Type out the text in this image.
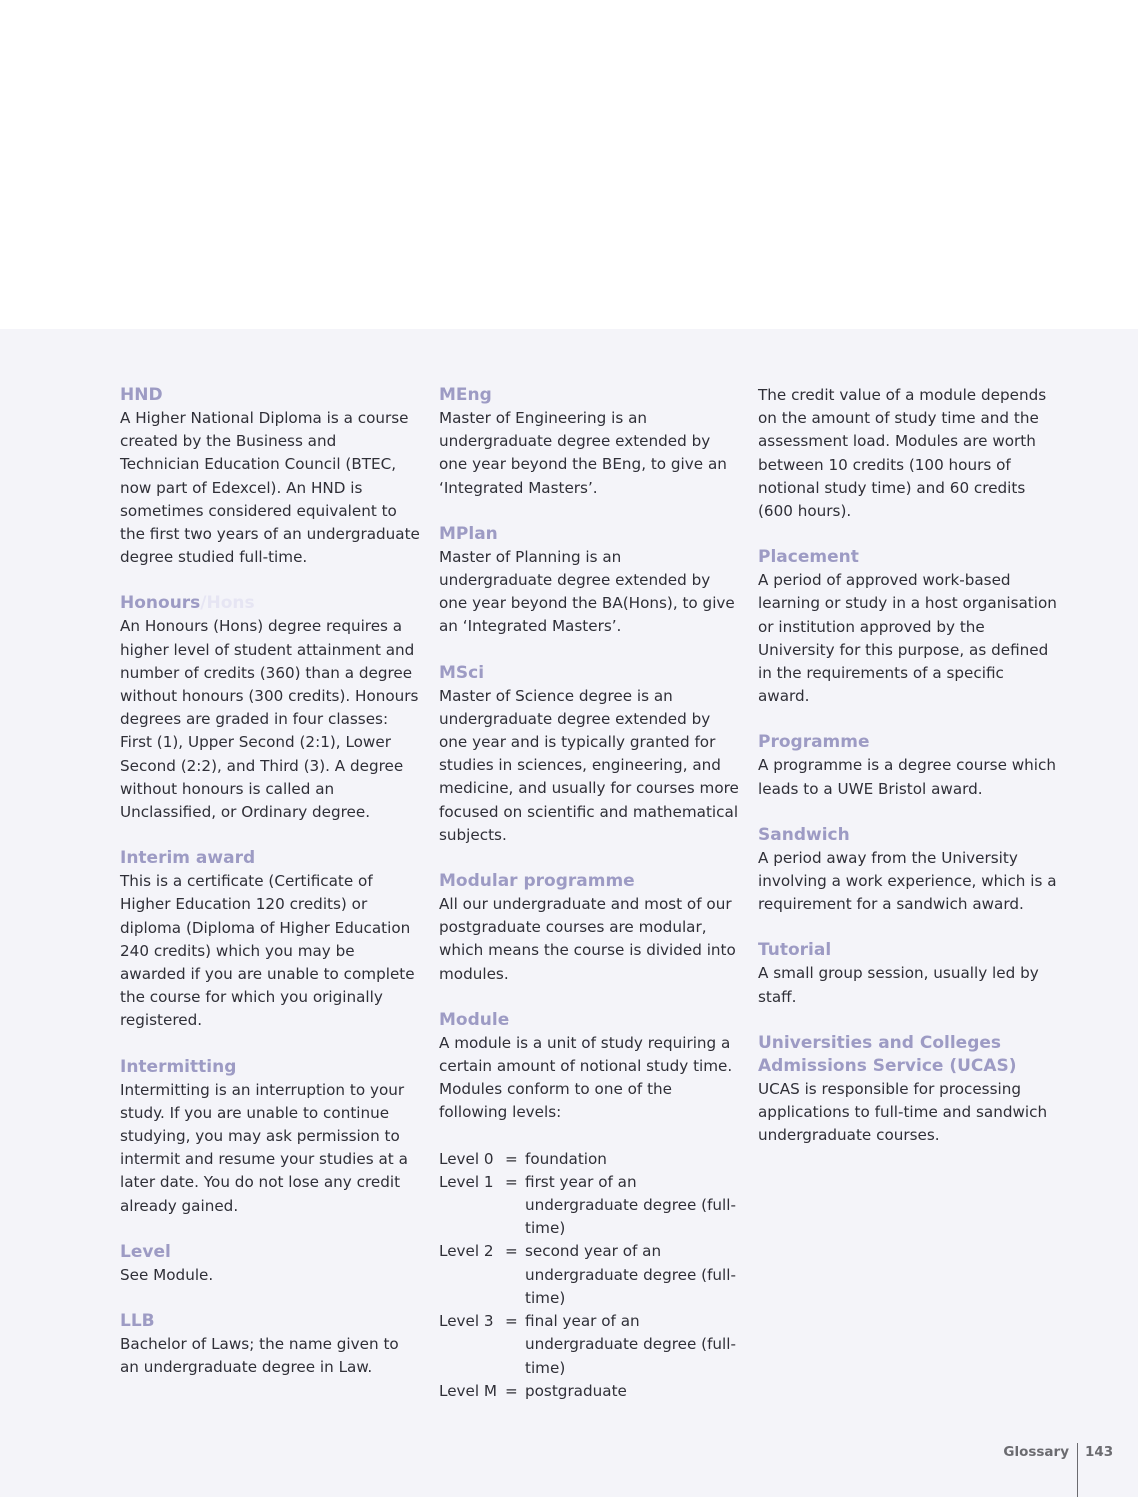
HND
A Higher National Diploma is a course created by the Business and Technician Education Council (BTEC, now part of Edexcel). An HND is sometimes considered equivalent to the first two years of an undergraduate degree studied full-time.
Honours/Hons
An Honours (Hons) degree requires a higher level of student attainment and number of credits (360) than a degree without honours (300 credits). Honours degrees are graded in four classes: First (1), Upper Second (2:1), Lower Second (2:2), and Third (3). A degree without honours is called an Unclassified, or Ordinary degree.
Interim award
This is a certificate (Certificate of Higher Education 120 credits) or diploma (Diploma of Higher Education 240 credits) which you may be awarded if you are unable to complete the course for which you originally registered.
Intermitting
Intermitting is an interruption to your study. If you are unable to continue studying, you may ask permission to intermit and resume your studies at a later date. You do not lose any credit already gained.
Level
See Module.
LLB
Bachelor of Laws; the name given to an undergraduate degree in Law.
MEng
Master of Engineering is an undergraduate degree extended by one year beyond the BEng, to give an ‘Integrated Masters’.
MPlan
Master of Planning is an undergraduate degree extended by one year beyond the BA(Hons), to give an ‘Integrated Masters’.
MSci
Master of Science degree is an undergraduate degree extended by one year and is typically granted for studies in sciences, engineering, and medicine, and usually for courses more focused on scientific and mathematical subjects.
Modular programme
All our undergraduate and most of our postgraduate courses are modular, which means the course is divided into modules.
Module
A module is a unit of study requiring a certain amount of notional study time. Modules conform to one of the following levels:
Level 0 = foundation
Level 1 = first year of an undergraduate degree (full-time)
Level 2 = second year of an undergraduate degree (full-time)
Level 3 = final year of an undergraduate degree (full-time)
Level M = postgraduate
The credit value of a module depends on the amount of study time and the assessment load. Modules are worth between 10 credits (100 hours of notional study time) and 60 credits (600 hours).
Placement
A period of approved work-based learning or study in a host organisation or institution approved by the University for this purpose, as defined in the requirements of a specific award.
Programme
A programme is a degree course which leads to a UWE Bristol award.
Sandwich
A period away from the University involving a work experience, which is a requirement for a sandwich award.
Tutorial
A small group session, usually led by staff.
Universities and Colleges Admissions Service (UCAS)
UCAS is responsible for processing applications to full-time and sandwich undergraduate courses.
Glossary 143
